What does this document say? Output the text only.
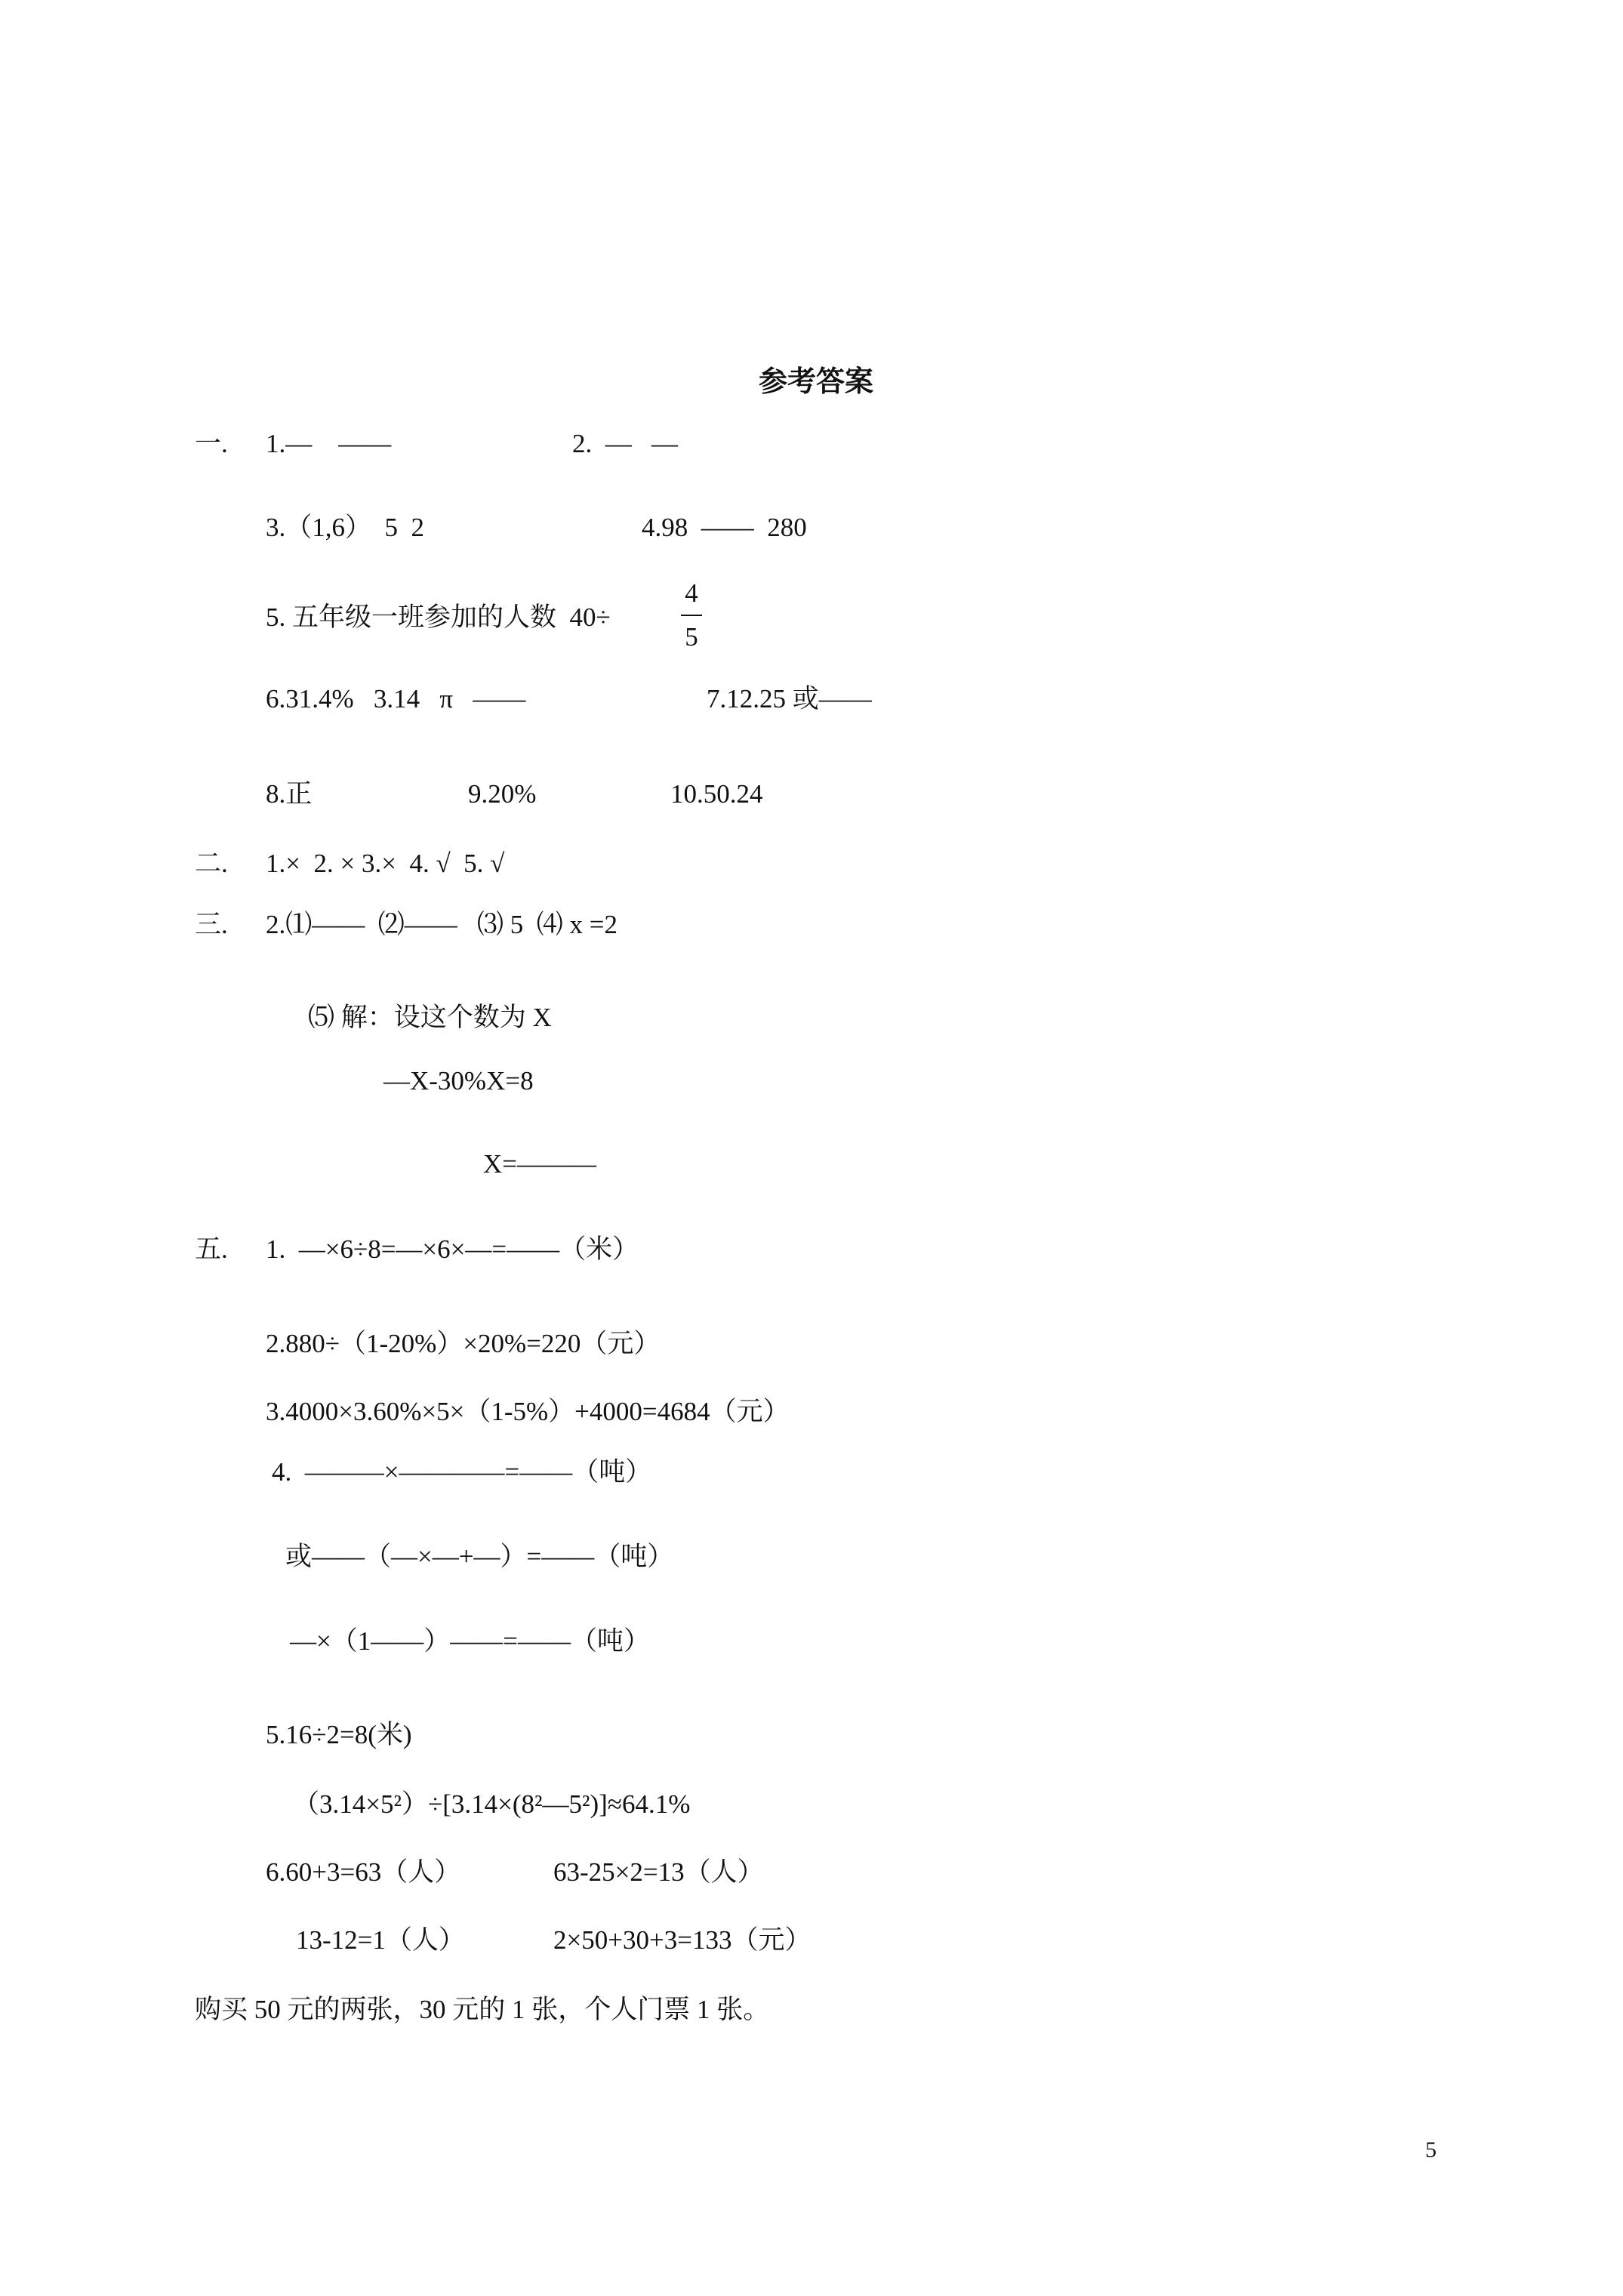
参考答案
一. 1.—    ——	2.  —   —
3.（1,6）  5  2	4.98  ——  280
5. 五年级一班参加的人数  40÷
4
5
6.31.4%   3.14   π   ——	7.12.25 或——
8.正	9.20%	10.50.24
二. 1.×  2. × 3.×  4. √  5. √
三. 2.⑴——  ⑵——   ⑶ 5  ⑷ x =2
⑸ 解：设这个数为 X
—X-30%X=8
X=———
五. 1.  —×6÷8=—×6×—=——（米）
2.880÷（1-20%）×20%=220（元）
3.4000×3.60%×5×（1-5%）+4000=4684（元）
4.  ———×————=——（吨）
或——（—×—+—）=——（吨）
—×（1——）——=——（吨）
5.16÷2=8(米)
（3.14×5²）÷[3.14×(8²—5²)]≈64.1%
6.60+3=63（人）	63-25×2=13（人）
13-12=1（人）	2×50+30+3=133（元）
购买 50 元的两张，30 元的 1 张，个人门票 1 张。
5
